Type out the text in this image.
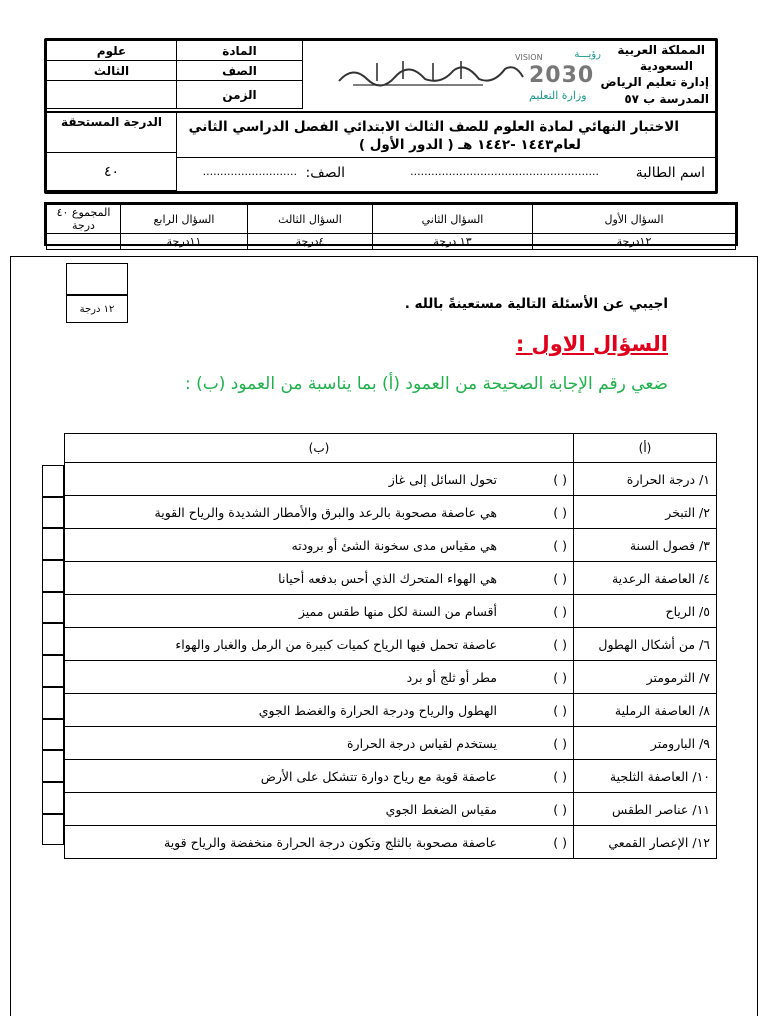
علوم	المادة
الثالث	الصف
الزمن
رؤيـــة
VISION
2030
وزارة التعليم
المملكة العربية
السعودية
إدارة تعليم الرياض
المدرسة ب ٥٧
الدرجة المستحقة
٤٠
الاختبار النهائي لمادة العلوم للصف الثالث الابتدائي الفصل الدراسي الثاني
لعام١٤٤٣ -١٤٤٢ هـ ( الدور الأول )
اسم الطالبة
......................................................
الصف:
...........................
السؤال الأول	السؤال الثاني	السؤال الثالث	السؤال الرابع	المجموع ٤٠ درجة
١٢درجة	١٣ درجة	٤درجة	١١درجة	
١٢ درجة	اجيبي عن الأسئلة التالية مستعينةً بالله .
السؤال الاول :
ضعي رقم الإجابة الصحيحة من العمود (أ) بما يناسبة من العمود (ب) :
(أ)	(ب)
١/ درجة الحرارة	( )تحول السائل إلى غاز
٢/ التبخر	( )هي عاصفة مصحوبة بالرعد والبرق والأمطار الشديدة والرياح القوية
٣/ فصول السنة	( )هي مقياس مدى سخونة الشئ أو برودته
٤/ العاصفة الرعدية	( )هي الهواء المتحرك الذي أحس بدفعه أحيانا
٥/ الرياح	( )أقسام من السنة لكل منها طقس مميز
٦/ من أشكال الهطول	( )عاصفة تحمل فيها الرياح كميات كبيرة من الرمل والغبار والهواء
٧/ الثرمومتر	( )مطر أو ثلج أو برد
٨/ العاصفة الرملية	( )الهطول والرياح ودرجة الحرارة والغضط الجوي
٩/ البارومتر	( )يستخدم لقياس درجة الحرارة
١٠/ العاصفة الثلجية	( )عاصفة قوية مع رياح دوارة تتشكل على الأرض
١١/ عناصر الطقس	( )مقياس الضغط الجوي
١٢/ الإعصار القمعي	( )عاصفة مصحوبة بالثلج وتكون درجة الحرارة منخفضة والرياح قوية
